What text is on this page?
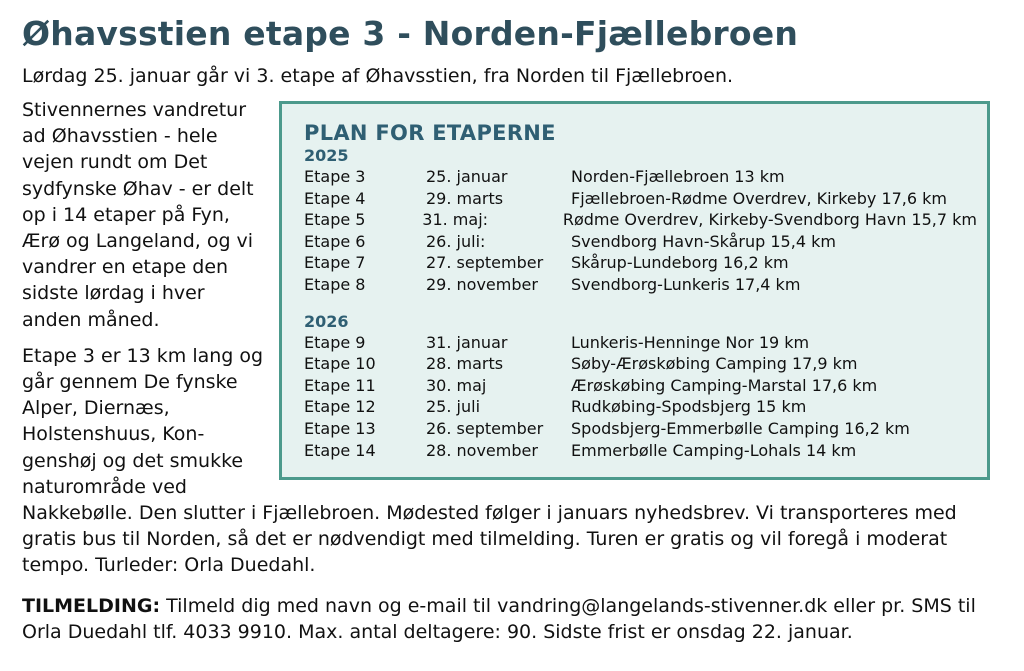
Øhavsstien etape 3 - Norden-Fjællebroen

Lørdag 25. januar går vi 3. etape af Øhavsstien, fra Norden til Fjællebroen.

PLAN FOR ETAPERNE
2025
Etape 3	25. januar	Norden-Fjællebroen 13 km
Etape 4	29. marts	Fjællebroen-Rødme Overdrev, Kirkeby 17,6 km
Etape 5	31. maj:	Rødme Overdrev, Kirkeby-Svendborg Havn 15,7 km
Etape 6	26. juli:	Svendborg Havn-Skårup 15,4 km
Etape 7	27. september	Skårup-Lundeborg 16,2 km
Etape 8	29. november	Svendborg-Lunkeris 17,4 km
2026
Etape 9	31. januar	Lunkeris-Henninge Nor 19 km
Etape 10	28. marts	Søby-Ærøskøbing Camping 17,9 km
Etape 11	30. maj	Ærøskøbing Camping-Marstal 17,6 km
Etape 12	25. juli	Rudkøbing-Spodsbjerg 15 km
Etape 13	26. september	Spodsbjerg-Emmerbølle Camping 16,2 km
Etape 14	28. november	Emmerbølle Camping-Lohals 14 km

Stivennernes vandretur ad Øhavsstien - hele vejen rundt om Det sydfynske Øhav - er delt op i 14 etaper på Fyn, Ærø og Langeland, og vi vandrer en etape den sidste lørdag i hver anden måned.

Etape 3 er 13 km lang og går gennem De fynske Alper, Diernæs, Holstenshuus, Kongenshøj og det smukke naturområde ved Nakkebølle. Den slutter i Fjællebroen. Mødested følger i januars nyhedsbrev. Vi transporteres med gratis bus til Norden, så det er nødvendigt med tilmelding. Turen er gratis og vil foregå i moderat tempo. Turleder: Orla Duedahl.

TILMELDING: Tilmeld dig med navn og e-mail til vandring@langelands-stivenner.dk eller pr. SMS til Orla Duedahl tlf. 4033 9910. Max. antal deltagere: 90. Sidste frist er onsdag 22. januar.
